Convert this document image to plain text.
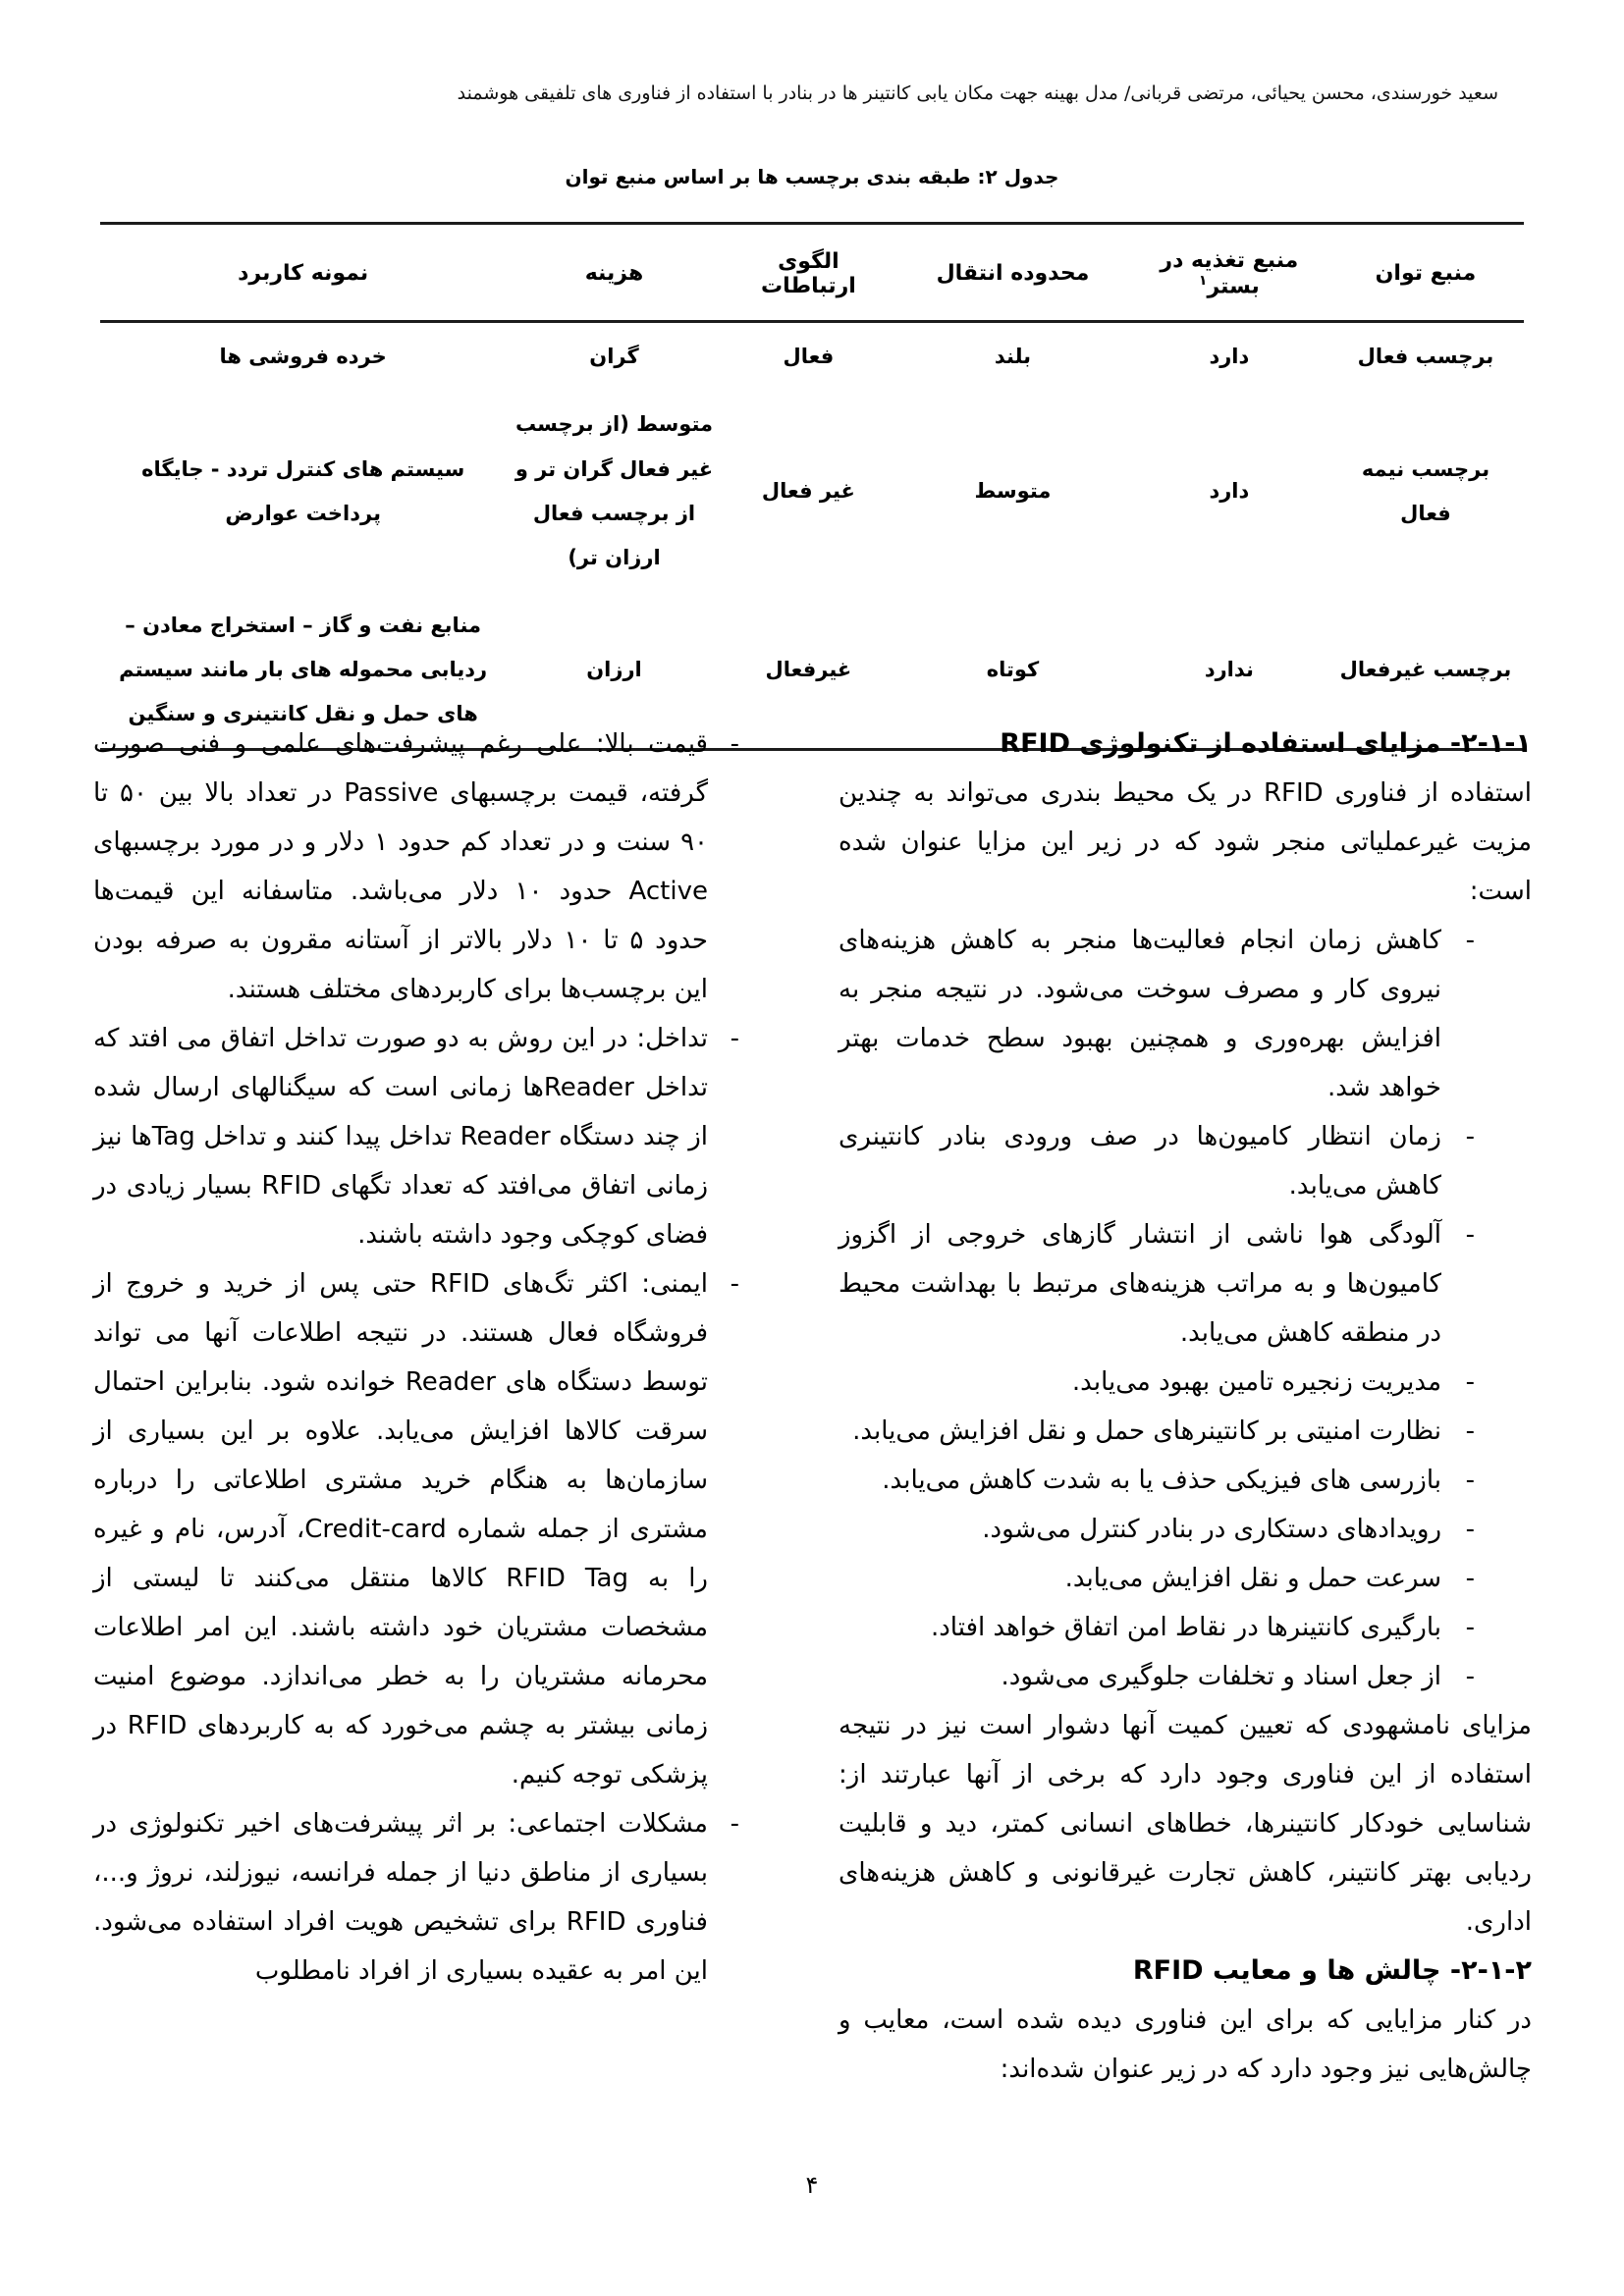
سعید خورسندی، محسن یحیائی، مرتضی قربانی/ مدل بهینه جهت مکان یابی کانتینر ها در بنادر با استفاده از فناوری های تلفیقی هوشمند
جدول ۲: طبقه بندی برچسب ها بر اساس منبع توان
منبع توان	منبع تغذیه در بستر$^۱$	محدوده انتقال	الگوی ارتباطات	هزینه	نمونه کاربرد
برچسب فعال	دارد	بلند	فعال	گران	خرده فروشی ها
برچسب نیمه فعال	دارد	متوسط	غیر فعال	متوسط (از برچسب غیر فعال گران تر و از برچسب فعال ارزان تر)	سیستم های کنترل تردد - جایگاه پرداخت عوارض
برچسب غیرفعال	ندارد	کوتاه	غیرفعال	ارزان	منابع نفت و گاز – استخراج معادن – ردیابی محموله های بار مانند سیستم های حمل و نقل کانتینری و سنگین
۲-۱-۱- مزایای استفاده از تکنولوژی RFID

استفاده از فناوری RFID در یک محیط بندری می‌تواند به چندین مزیت غیرعملیاتی منجر شود که در زیر این مزایا عنوان شده است:

- کاهش زمان انجام فعالیت‌ها منجر به کاهش هزینه‌های نیروی کار و مصرف سوخت می‌شود. در نتیجه منجر به افزایش بهره‌وری و همچنین بهبود سطح خدمات بهتر خواهد شد.
- زمان انتظار کامیون‌ها در صف ورودی بنادر کانتینری کاهش می‌یابد.
- آلودگی هوا ناشی از انتشار گازهای خروجی از اگزوز کامیون‌ها و به مراتب هزینه‌های مرتبط با بهداشت محیط در منطقه کاهش می‌یابد.
- مدیریت زنجیره تامین بهبود می‌یابد.
- نظارت امنیتی بر کانتینرهای حمل و نقل افزایش می‌یابد.
- بازرسی های فیزیکی حذف یا به شدت کاهش می‌یابد.
- رویدادهای دستکاری در بنادر کنترل می‌شود.
- سرعت حمل و نقل افزایش می‌یابد.
- بارگیری کانتینرها در نقاط امن اتفاق خواهد افتاد.
- از جعل اسناد و تخلفات جلوگیری می‌شود.

مزایای نامشهودی که تعیین کمیت آنها دشوار است نیز در نتیجه استفاده از این فناوری وجود دارد که برخی از آنها عبارتند از: شناسایی خودکار کانتینرها، خطاهای انسانی کمتر، دید و قابلیت ردیابی بهتر کانتینر، کاهش تجارت غیرقانونی و کاهش هزینه‌های اداری.

۲-۱-۲- چالش ها و معایب RFID

در کنار مزایایی که برای این فناوری دیده شده است، معایب و چالش‌هایی نیز وجود دارد که در زیر عنوان شده‌اند:

- قیمت بالا: علی رغم پیشرفت‌های علمی و فنی صورت گرفته، قیمت برچسبهای Passive در تعداد بالا بین ۵۰ تا ۹۰ سنت و در تعداد کم حدود ۱ دلار و در مورد برچسبهای Active حدود ۱۰ دلار می‌باشد. متاسفانه این قیمت‌ها حدود ۵ تا ۱۰ دلار بالاتر از آستانه مقرون به صرفه بودن این برچسب‌ها برای کاربردهای مختلف هستند.
- تداخل: در این روش به دو صورت تداخل اتفاق می افتد که تداخل Readerها زمانی است که سیگنالهای ارسال شده از چند دستگاه Reader تداخل پیدا کنند و تداخل Tagها نیز زمانی اتفاق می‌افتد که تعداد تگهای RFID بسیار زیادی در فضای کوچکی وجود داشته باشند.
- ایمنی: اکثر تگ‌های RFID حتی پس از خرید و خروج از فروشگاه فعال هستند. در نتیجه اطلاعات آنها می تواند توسط دستگاه های Reader خوانده شود. بنابراین احتمال سرقت کالاها افزایش می‌یابد. علاوه بر این بسیاری از سازمان‌ها به هنگام خرید مشتری اطلاعاتی را درباره مشتری از جمله شماره Credit-card، آدرس، نام و غیره را به RFID Tag کالاها منتقل می‌کنند تا لیستی از مشخصات مشتریان خود داشته باشند. این امر اطلاعات محرمانه مشتریان را به خطر می‌اندازد. موضوع امنیت زمانی بیشتر به چشم می‌خورد که به کاربردهای RFID در پزشکی توجه کنیم.
- مشکلات اجتماعی: بر اثر پیشرفت‌های اخیر تکنولوژی در بسیاری از مناطق دنیا از جمله فرانسه، نیوزلند، نروژ و...، فناوری RFID برای تشخیص هویت افراد استفاده می‌شود. این امر به عقیده بسیاری از افراد نامطلوب
۴
